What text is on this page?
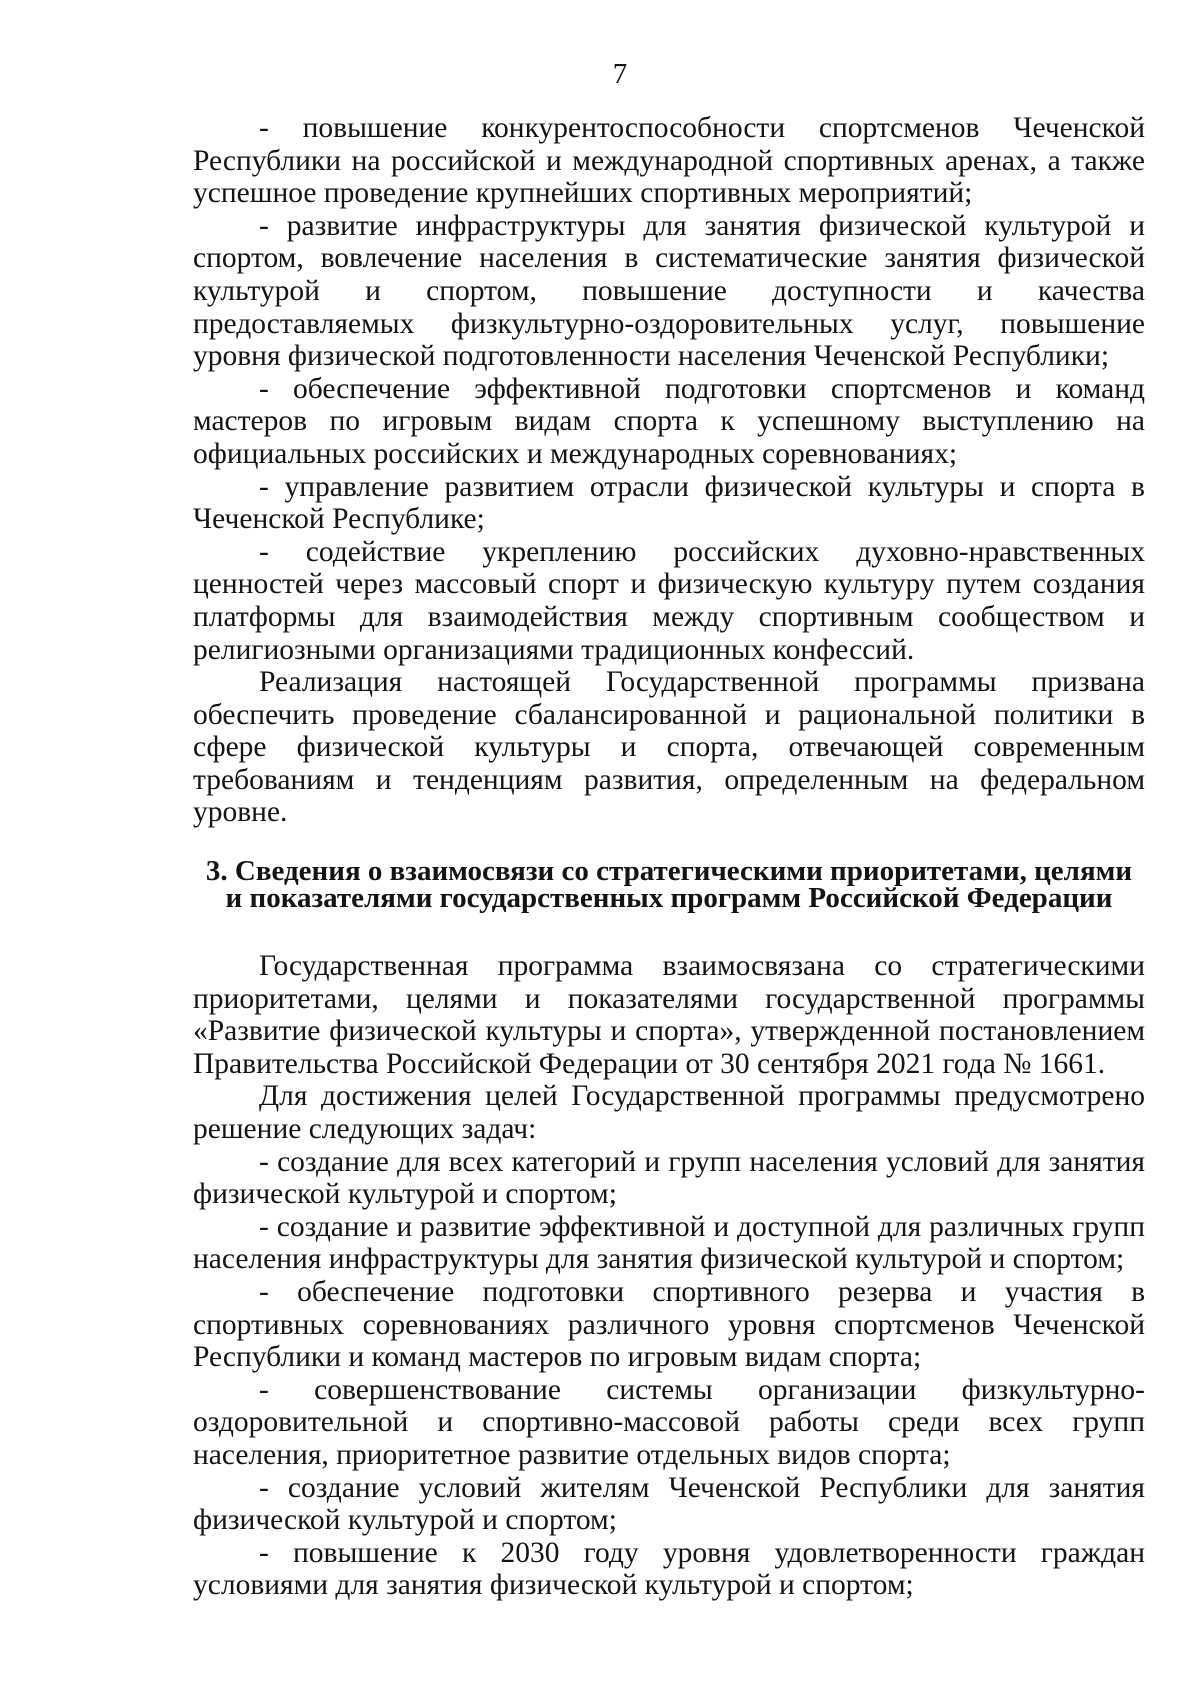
7

- повышение конкурентоспособности спортсменов Чеченской Республики на российской и международной спортивных аренах, а также успешное проведение крупнейших спортивных мероприятий;

- развитие инфраструктуры для занятия физической культурой и спортом, вовлечение населения в систематические занятия физической культурой и спортом, повышение доступности и качества предоставляемых физкультурно-оздоровительных услуг, повышение уровня физической подготовленности населения Чеченской Республики;

- обеспечение эффективной подготовки спортсменов и команд мастеров по игровым видам спорта к успешному выступлению на официальных российских и международных соревнованиях;

- управление развитием отрасли физической культуры и спорта в Чеченской Республике;

- содействие укреплению российских духовно-нравственных ценностей через массовый спорт и физическую культуру путем создания платформы для взаимодействия между спортивным сообществом и религиозными организациями традиционных конфессий.

Реализация настоящей Государственной программы призвана обеспечить проведение сбалансированной и рациональной политики в сфере физической культуры и спорта, отвечающей современным требованиям и тенденциям развития, определенным на федеральном уровне.

3. Сведения о взаимосвязи со стратегическими приоритетами, целями
и показателями государственных программ Российской Федерации

Государственная программа взаимосвязана со стратегическими приоритетами, целями и показателями государственной программы «Развитие физической культуры и спорта», утвержденной постановлением Правительства Российской Федерации от 30 сентября 2021 года № 1661.

Для достижения целей Государственной программы предусмотрено решение следующих задач:

- создание для всех категорий и групп населения условий для занятия физической культурой и спортом;

- создание и развитие эффективной и доступной для различных групп населения инфраструктуры для занятия физической культурой и спортом;

- обеспечение подготовки спортивного резерва и участия в спортивных соревнованиях различного уровня спортсменов Чеченской Республики и команд мастеров по игровым видам спорта;

- совершенствование системы организации физкультурно-оздоровительной и спортивно-массовой работы среди всех групп населения, приоритетное развитие отдельных видов спорта;

- создание условий жителям Чеченской Республики для занятия физической культурой и спортом;

- повышение к 2030 году уровня удовлетворенности граждан условиями для занятия физической культурой и спортом;
